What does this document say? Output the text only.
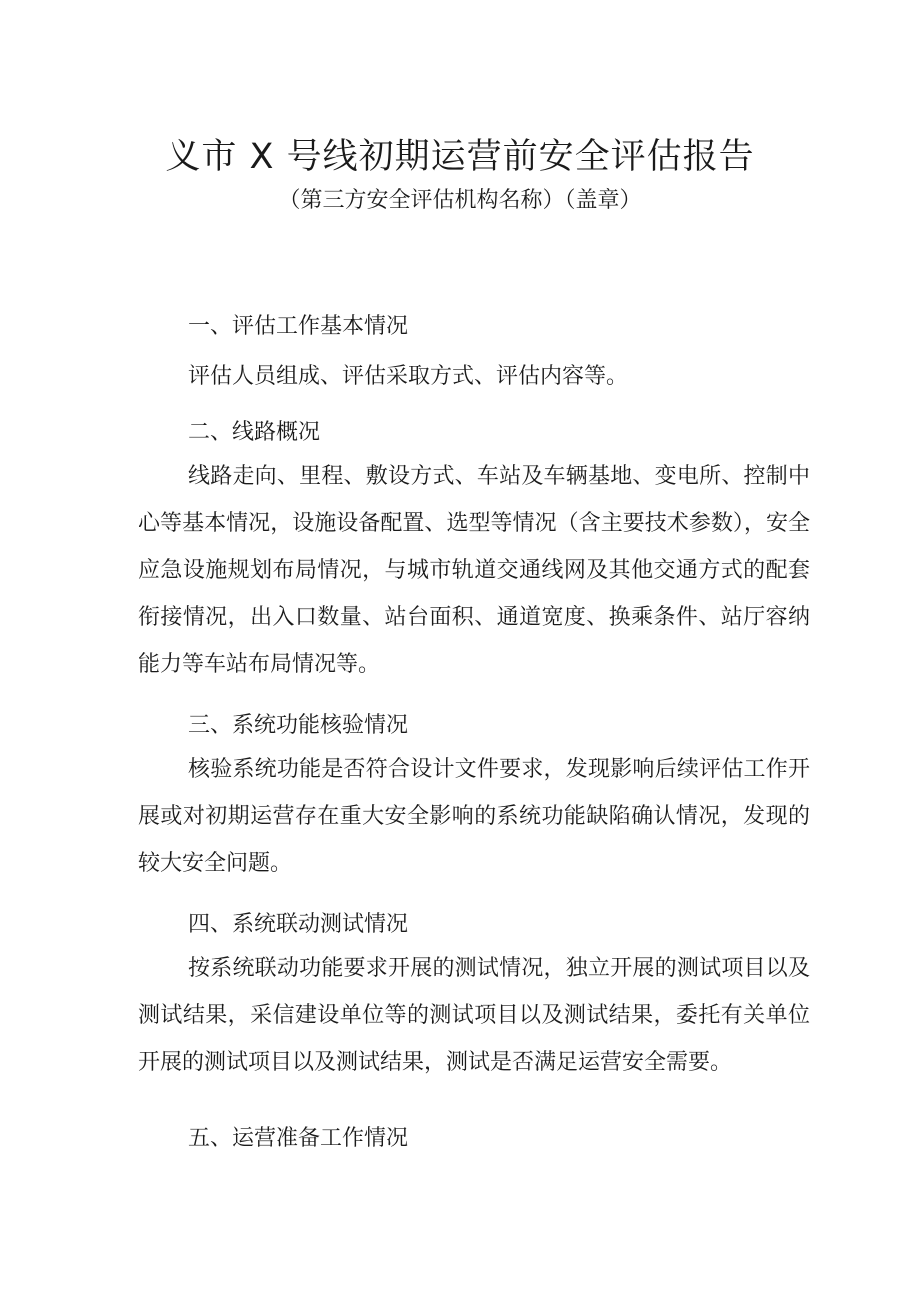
义市 X 号线初期运营前安全评估报告
（第三方安全评估机构名称）（盖章）

一、评估工作基本情况

评估人员组成、评估采取方式、评估内容等。

二、线路概况

线路走向、里程、敷设方式、车站及车辆基地、变电所、控制中心等基本情况，设施设备配置、选型等情况（含主要技术参数），安全应急设施规划布局情况，与城市轨道交通线网及其他交通方式的配套衔接情况，出入口数量、站台面积、通道宽度、换乘条件、站厅容纳能力等车站布局情况等。

三、系统功能核验情况

核验系统功能是否符合设计文件要求，发现影响后续评估工作开展或对初期运营存在重大安全影响的系统功能缺陷确认情况，发现的较大安全问题。

四、系统联动测试情况

按系统联动功能要求开展的测试情况，独立开展的测试项目以及测试结果，采信建设单位等的测试项目以及测试结果，委托有关单位开展的测试项目以及测试结果，测试是否满足运营安全需要。

五、运营准备工作情况
